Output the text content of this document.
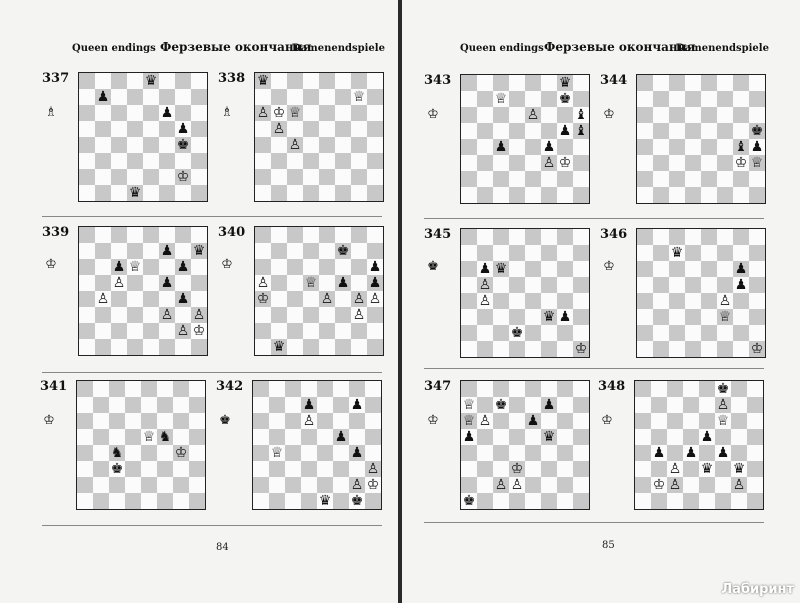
Queen endings Ферзевые окончания
Damenendspiele
84
Queen endings Ферзевые окончания
Damenendspiele
85
Лабиринт
337
♗
♛
♟
♟
♟
♚
♔
♛
338
♗
♛
♕
♙ ♔ ♕
♙
♙
339
♔
♟ ♛
♟ ♕	♟
♙	♟
♙	♟
♙ ♙
♙ ♔
340
♔
♚
♟
♙	♕ ♟ ♟
♔	♙ ♙ ♙
♙
♛
341
♔
♕ ♞
♞	♔
♚
342
♚
♟	♟
♙
♟
♕	♟
♙
♙ ♔
♛ ♚
343
♔
♛
♕	♚
♙	♝
♟ ♝
♟	♟
♙ ♔
344
♔
♚
♝ ♟
♔ ♕
345
♚	♟ ♛
♙
♙
♛ ♟
♚
♔
346
♔
♛
♟
♟
♙
♕
♔
347
♔
♕ ♚	♟
♕ ♙	♟
♟	♛
♔
♙ ♙
♚
348
♔
♚
♙
♕
♟
♟ ♟ ♟
♙ ♛ ♛
♔ ♙	♙
